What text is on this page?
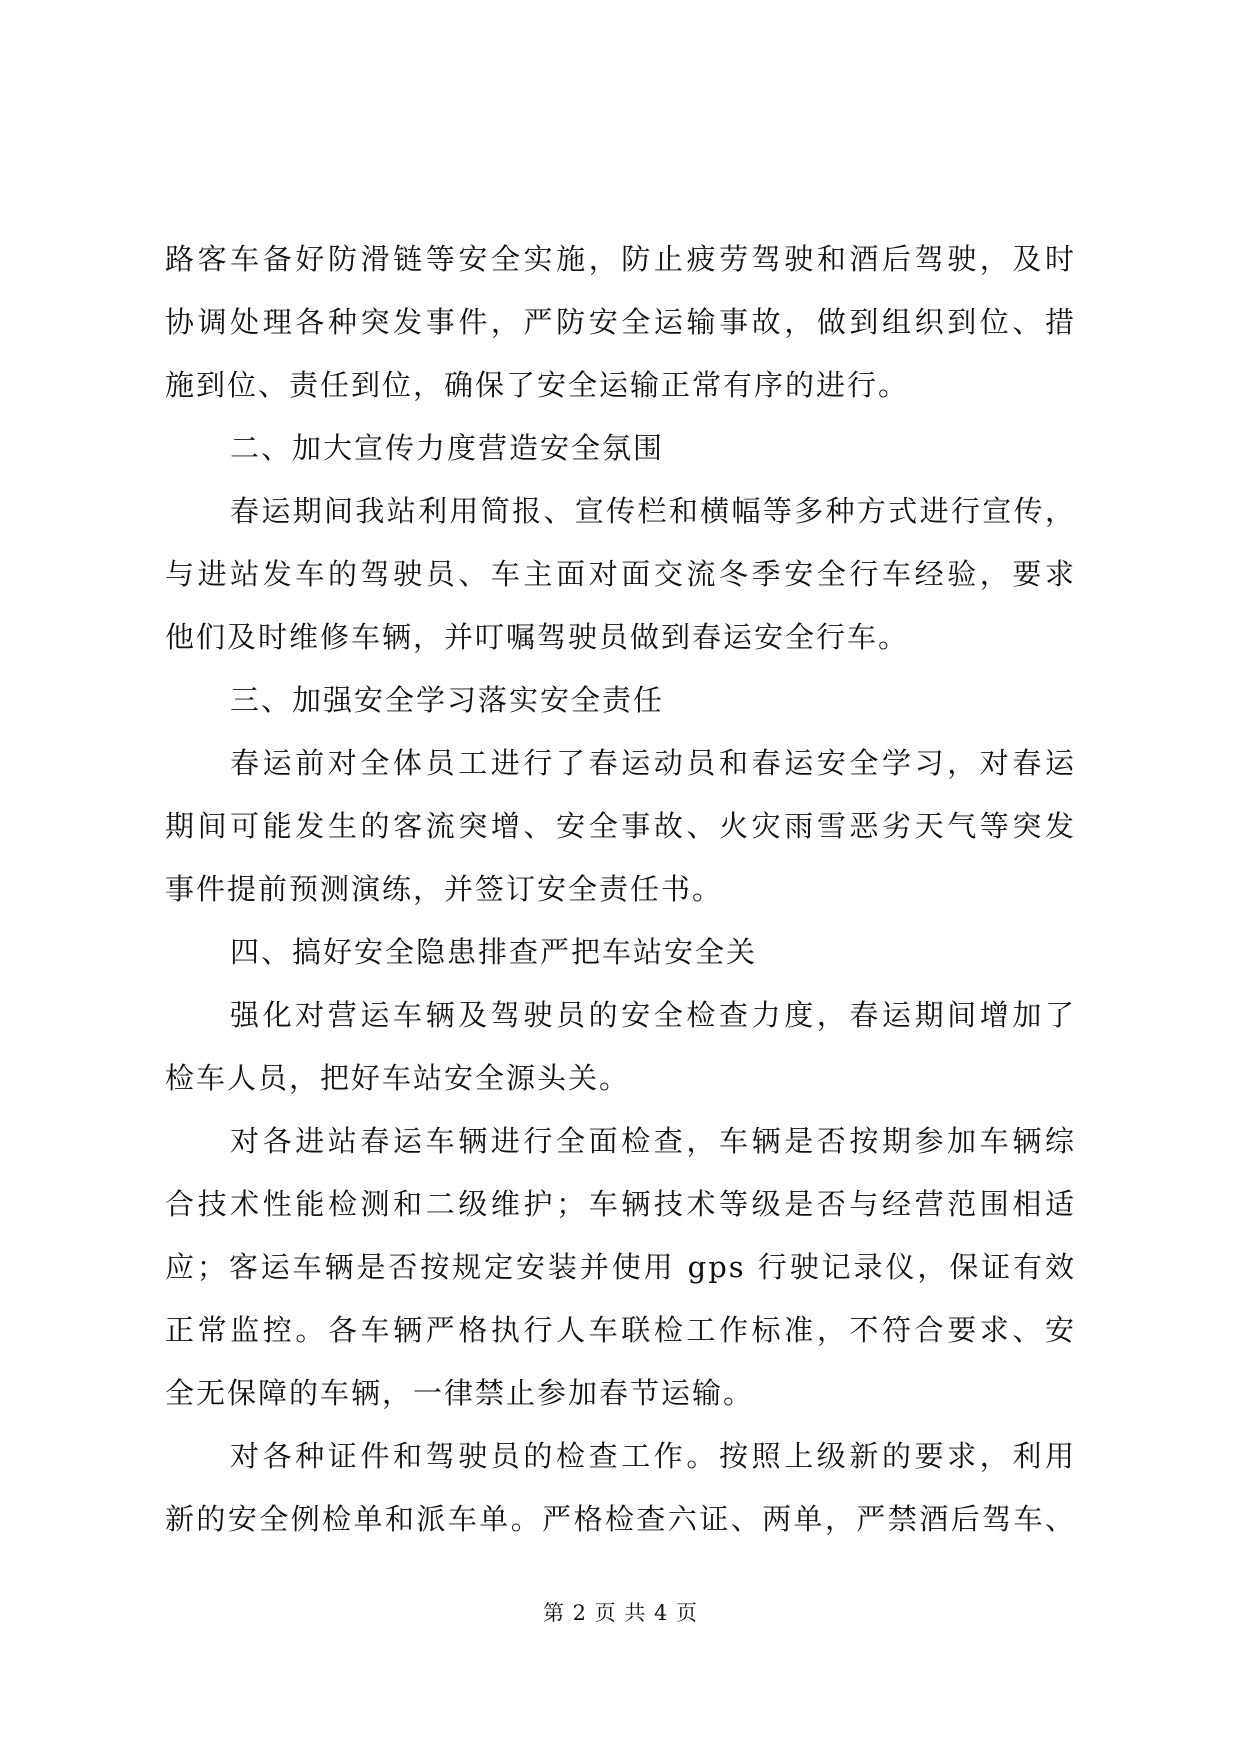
路客车备好防滑链等安全实施，防止疲劳驾驶和酒后驾驶，及时
协调处理各种突发事件，严防安全运输事故，做到组织到位、措
施到位、责任到位，确保了安全运输正常有序的进行。
二、加大宣传力度营造安全氛围
春运期间我站利用简报、宣传栏和横幅等多种方式进行宣传，
与进站发车的驾驶员、车主面对面交流冬季安全行车经验，要求
他们及时维修车辆，并叮嘱驾驶员做到春运安全行车。
三、加强安全学习落实安全责任
春运前对全体员工进行了春运动员和春运安全学习，对春运
期间可能发生的客流突增、安全事故、火灾雨雪恶劣天气等突发
事件提前预测演练，并签订安全责任书。
四、搞好安全隐患排查严把车站安全关
强化对营运车辆及驾驶员的安全检查力度，春运期间增加了
检车人员，把好车站安全源头关。
对各进站春运车辆进行全面检查，车辆是否按期参加车辆综
合技术性能检测和二级维护；车辆技术等级是否与经营范围相适
应；客运车辆是否按规定安装并使用 gps 行驶记录仪，保证有效
正常监控。各车辆严格执行人车联检工作标准，不符合要求、安
全无保障的车辆，一律禁止参加春节运输。
对各种证件和驾驶员的检查工作。按照上级新的要求，利用
新的安全例检单和派车单。严格检查六证、两单，严禁酒后驾车、
第 2 页 共 4 页
